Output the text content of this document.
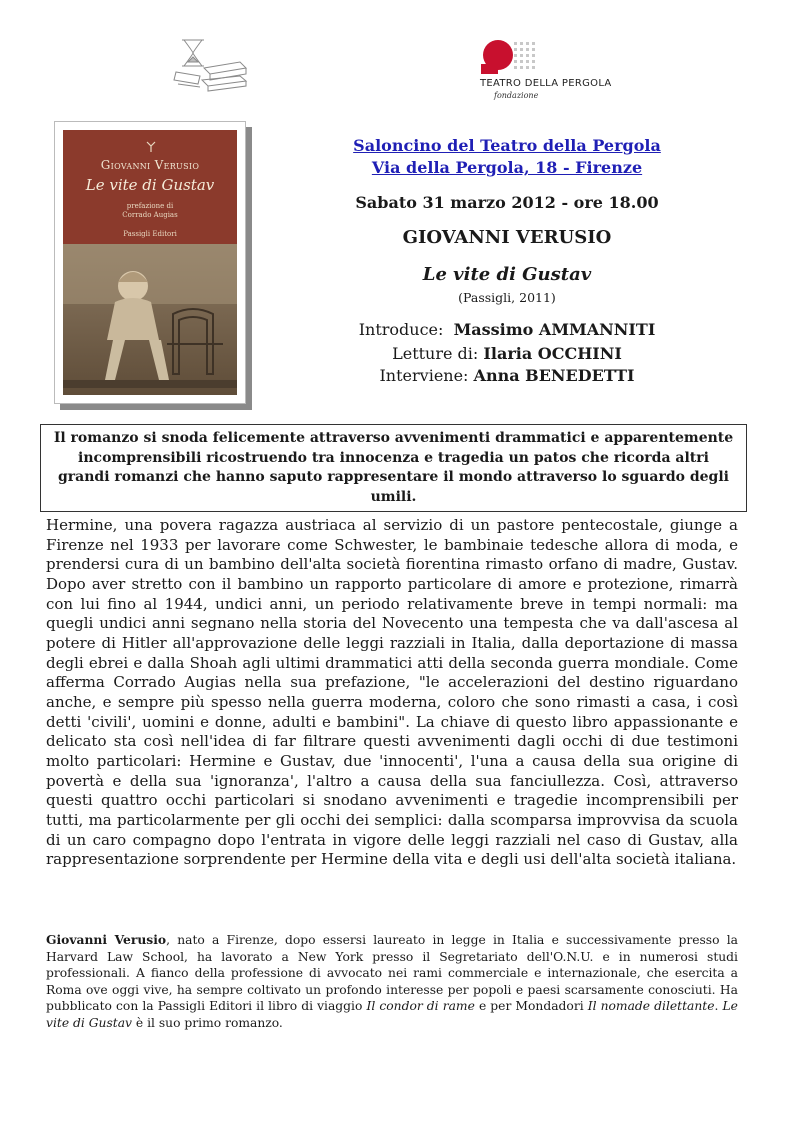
TEATRO DELLA PERGOLA
fondazione
Giovanni Verusio
Le vite di Gustav
prefazione di
Corrado Augias
Passigli Editori
Saloncino del Teatro della Pergola
Via della Pergola, 18 - Firenze
Sabato 31 marzo 2012 - ore 18.00
GIOVANNI VERUSIO
Le vite di Gustav
(Passigli, 2011)
Introduce: Massimo AMMANNITI
Letture di: Ilaria OCCHINI
Interviene: Anna BENEDETTI
Il romanzo si snoda felicemente attraverso avvenimenti drammatici e apparentemente incomprensibili ricostruendo tra innocenza e tragedia un patos che ricorda altri grandi romanzi che hanno saputo rappresentare il mondo attraverso lo sguardo degli umili.
Hermine, una povera ragazza austriaca al servizio di un pastore pentecostale, giunge a Firenze nel 1933 per lavorare come Schwester, le bambinaie tedesche allora di moda, e prendersi cura di un bambino dell'alta società fiorentina rimasto orfano di madre, Gustav. Dopo aver stretto con il bambino un rapporto particolare di amore e protezione, rimarrà con lui fino al 1944, undici anni, un periodo relativamente breve in tempi normali: ma quegli undici anni segnano nella storia del Novecento una tempesta che va dall'ascesa al potere di Hitler all'approvazione delle leggi razziali in Italia, dalla deportazione di massa degli ebrei e dalla Shoah agli ultimi drammatici atti della seconda guerra mondiale. Come afferma Corrado Augias nella sua prefazione, "le accelerazioni del destino riguardano anche, e sempre più spesso nella guerra moderna, coloro che sono rimasti a casa, i così detti 'civili', uomini e donne, adulti e bambini". La chiave di questo libro appassionante e delicato sta così nell'idea di far filtrare questi avvenimenti dagli occhi di due testimoni molto particolari: Hermine e Gustav, due 'innocenti', l'una a causa della sua origine di povertà e della sua 'ignoranza', l'altro a causa della sua fanciullezza. Così, attraverso questi quattro occhi particolari si snodano avvenimenti e tragedie incomprensibili per tutti, ma particolarmente per gli occhi dei semplici: dalla scomparsa improvvisa da scuola di un caro compagno dopo l'entrata in vigore delle leggi razziali nel caso di Gustav, alla rappresentazione sorprendente per Hermine della vita e degli usi dell'alta società italiana.
Giovanni Verusio, nato a Firenze, dopo essersi laureato in legge in Italia e successivamente presso la Harvard Law School, ha lavorato a New York presso il Segretariato dell'O.N.U. e in numerosi studi professionali. A fianco della professione di avvocato nei rami commerciale e internazionale, che esercita a Roma ove oggi vive, ha sempre coltivato un profondo interesse per popoli e paesi scarsamente conosciuti. Ha pubblicato con la Passigli Editori il libro di viaggio Il condor di rame e per Mondadori Il nomade dilettante. Le vite di Gustav è il suo primo romanzo.
